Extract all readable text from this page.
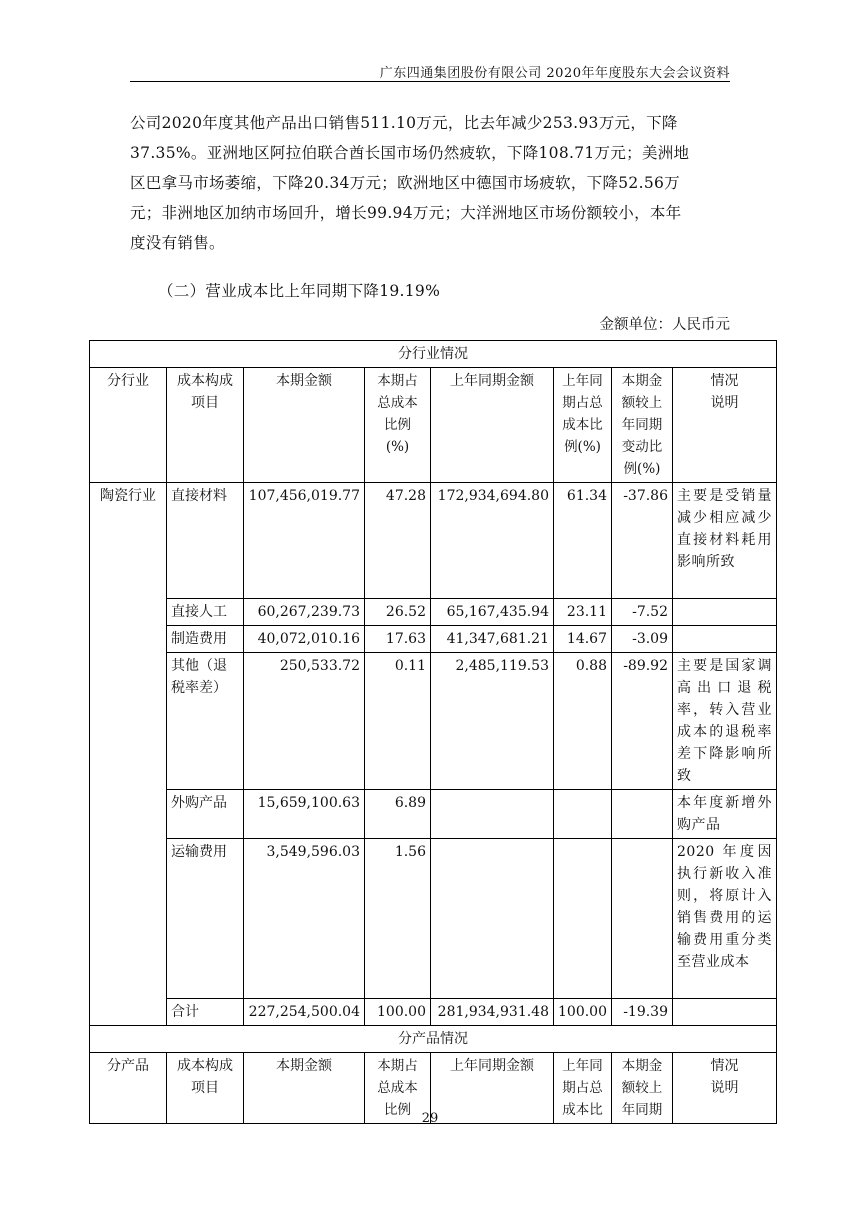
广东四通集团股份有限公司 2020年年度股东大会会议资料

公司2020年度其他产品出口销售511.10万元，比去年减少253.93万元，下降
37.35%。亚洲地区阿拉伯联合酋长国市场仍然疲软，下降108.71万元；美洲地
区巴拿马市场萎缩，下降20.34万元；欧洲地区中德国市场疲软，下降52.56万
元；非洲地区加纳市场回升，增长99.94万元；大洋洲地区市场份额较小，本年
度没有销售。

（二）营业成本比上年同期下降19.19%
金额单位：人民币元
分行业情况							
分行业	成本构成项目	本期金额	本期占总成本比例(%)	上年同期金额	上年同期占总成本比例(%)	本期金额较上年同期变动比例(%)	情况说明
陶瓷行业	直接材料	107,456,019.77	47.28	172,934,694.80	61.34	-37.86	主要是受销量减少相应减少直接材料耗用影响所致
	直接人工	60,267,239.73	26.52	65,167,435.94	23.11	-7.52	
	制造费用	40,072,010.16	17.63	41,347,681.21	14.67	-3.09	
	其他（退税率差）	250,533.72	0.11	2,485,119.53	0.88	-89.92	主要是国家调高出口退税率，转入营业成本的退税率差下降影响所致
	外购产品	15,659,100.63	6.89				本年度新增外购产品
	运输费用	3,549,596.03	1.56				2020 年度因执行新收入准则，将原计入销售费用的运输费用重分类至营业成本
	合计	227,254,500.04	100.00	281,934,931.48	100.00	-19.39	
分产品情况							
分产品	成本构成项目	本期金额	本期占总成本比例	上年同期金额	上年同期占总成本比	本期金额较上年同期	情况说明
29
